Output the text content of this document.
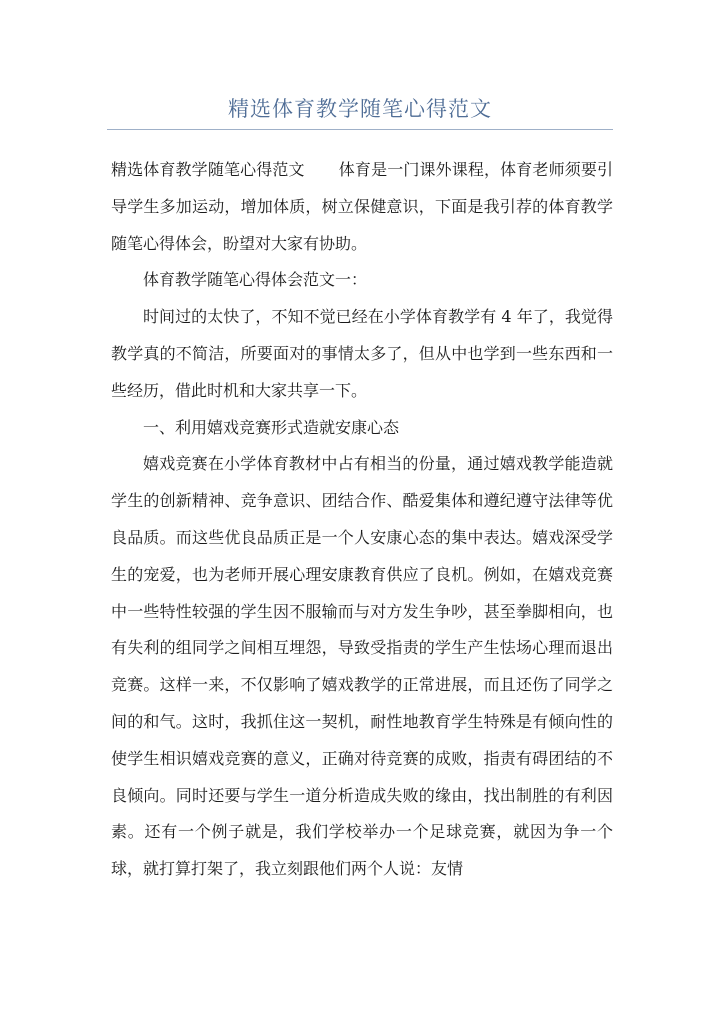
精选体育教学随笔心得范文

精选体育教学随笔心得范文 体育是一门课外课程，体育老师须要引导学生多加运动，增加体质，树立保健意识，下面是我引荐的体育教学随笔心得体会，盼望对大家有协助。

体育教学随笔心得体会范文一：

时间过的太快了，不知不觉已经在小学体育教学有 4 年了，我觉得教学真的不简洁，所要面对的事情太多了，但从中也学到一些东西和一些经历，借此时机和大家共享一下。

一、利用嬉戏竞赛形式造就安康心态

嬉戏竞赛在小学体育教材中占有相当的份量，通过嬉戏教学能造就学生的创新精神、竞争意识、团结合作、酷爱集体和遵纪遵守法律等优良品质。而这些优良品质正是一个人安康心态的集中表达。嬉戏深受学生的宠爱，也为老师开展心理安康教育供应了良机。例如，在嬉戏竞赛中一些特性较强的学生因不服输而与对方发生争吵，甚至拳脚相向，也有失利的组同学之间相互埋怨，导致受指责的学生产生怯场心理而退出竞赛。这样一来，不仅影响了嬉戏教学的正常进展，而且还伤了同学之间的和气。这时，我抓住这一契机，耐性地教育学生特殊是有倾向性的使学生相识嬉戏竞赛的意义，正确对待竞赛的成败，指责有碍团结的不良倾向。同时还要与学生一道分析造成失败的缘由，找出制胜的有利因素。还有一个例子就是，我们学校举办一个足球竞赛，就因为争一个球，就打算打架了，我立刻跟他们两个人说：友情
